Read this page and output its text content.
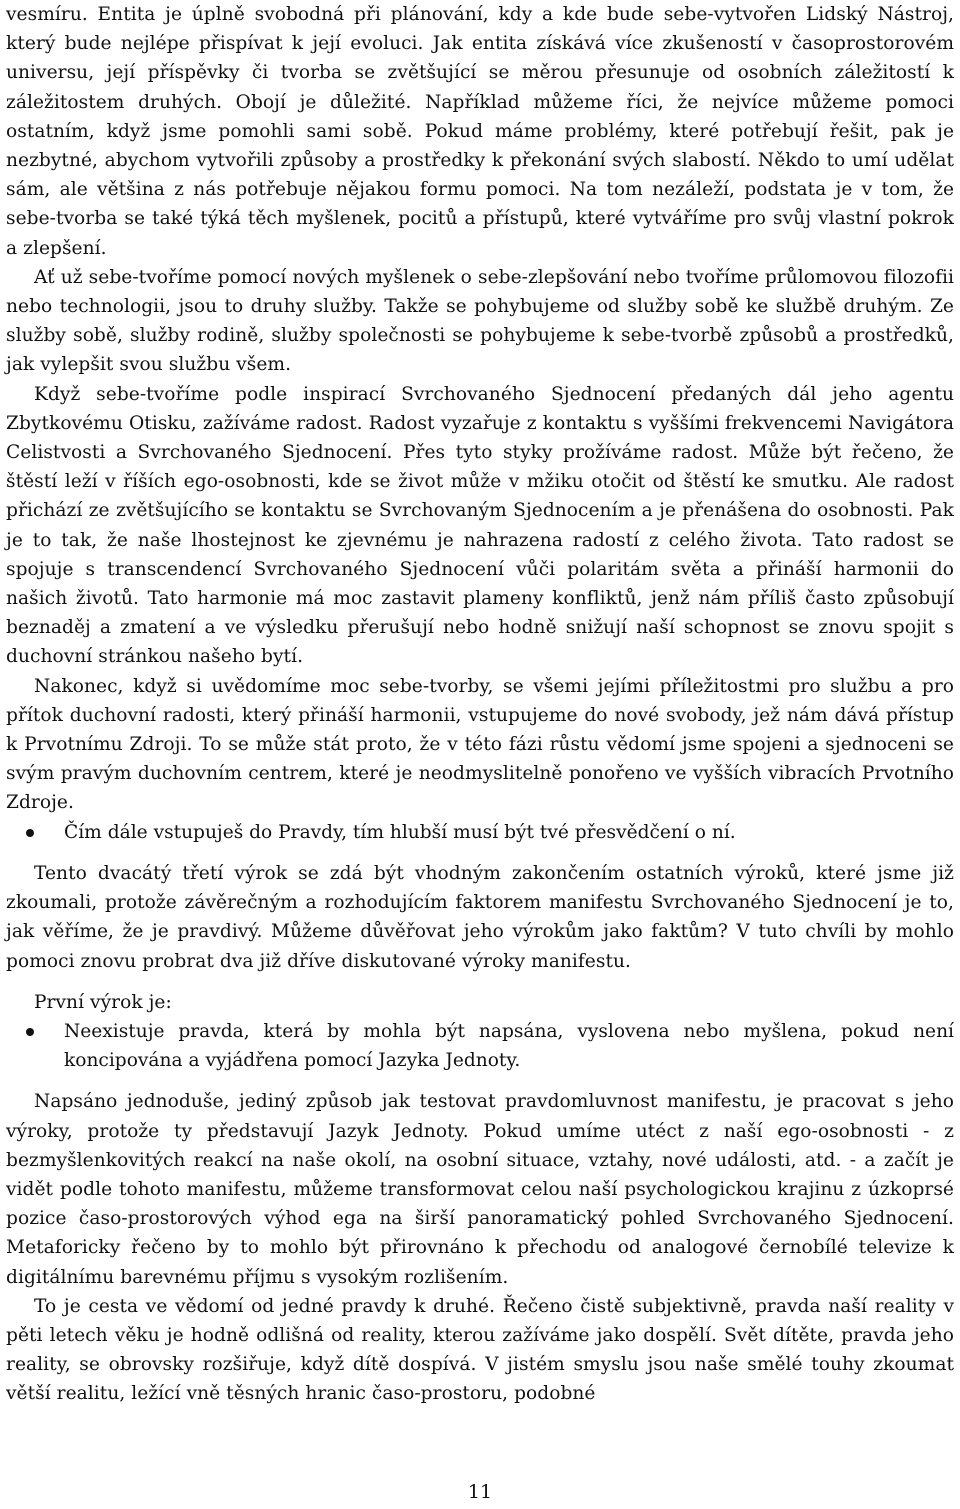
vesmíru. Entita je úplně svobodná při plánování, kdy a kde bude sebe-vytvořen Lidský Nástroj, který bude nejlépe přispívat k její evoluci. Jak entita získává více zkušeností v časoprostorovém universu, její příspěvky či tvorba se zvětšující se měrou přesunuje od osobních záležitostí k záležitostem druhých. Obojí je důležité. Například můžeme říci, že nejvíce můžeme pomoci ostatním, když jsme pomohli sami sobě. Pokud máme problémy, které potřebují řešit, pak je nezbytné, abychom vytvořili způsoby a prostředky k překonání svých slabostí. Někdo to umí udělat sám, ale většina z nás potřebuje nějakou formu pomoci. Na tom nezáleží, podstata je v tom, že sebe-tvorba se také týká těch myšlenek, pocitů a přístupů, které vytváříme pro svůj vlastní pokrok a zlepšení.

Ať už sebe-tvoříme pomocí nových myšlenek o sebe-zlepšování nebo tvoříme průlomovou filozofii nebo technologii, jsou to druhy služby. Takže se pohybujeme od služby sobě ke službě druhým. Ze služby sobě, služby rodině, služby společnosti se pohybujeme k sebe-tvorbě způsobů a prostředků, jak vylepšit svou službu všem.

Když sebe-tvoříme podle inspirací Svrchovaného Sjednocení předaných dál jeho agentu Zbytkovému Otisku, zažíváme radost. Radost vyzařuje z kontaktu s vyššími frekvencemi Navigátora Celistvosti a Svrchovaného Sjednocení. Přes tyto styky prožíváme radost. Může být řečeno, že štěstí leží v říších ego-osobnosti, kde se život může v mžiku otočit od štěstí ke smutku. Ale radost přichází ze zvětšujícího se kontaktu se Svrchovaným Sjednocením a je přenášena do osobnosti. Pak je to tak, že naše lhostejnost ke zjevnému je nahrazena radostí z celého života. Tato radost se spojuje s transcendencí Svrchovaného Sjednocení vůči polaritám světa a přináší harmonii do našich životů. Tato harmonie má moc zastavit plameny konfliktů, jenž nám příliš často způsobují beznaděj a zmatení a ve výsledku přerušují nebo hodně snižují naší schopnost se znovu spojit s duchovní stránkou našeho bytí.

Nakonec, když si uvědomíme moc sebe-tvorby, se všemi jejími příležitostmi pro službu a pro přítok duchovní radosti, který přináší harmonii, vstupujeme do nové svobody, jež nám dává přístup k Prvotnímu Zdroji. To se může stát proto, že v této fázi růstu vědomí jsme spojeni a sjednoceni se svým pravým duchovním centrem, které je neodmyslitelně ponořeno ve vyšších vibracích Prvotního Zdroje.

Čím dále vstupuješ do Pravdy, tím hlubší musí být tvé přesvědčení o ní.

Tento dvacátý třetí výrok se zdá být vhodným zakončením ostatních výroků, které jsme již zkoumali, protože závěrečným a rozhodujícím faktorem manifestu Svrchovaného Sjednocení je to, jak věříme, že je pravdivý. Můžeme důvěřovat jeho výrokům jako faktům? V tuto chvíli by mohlo pomoci znovu probrat dva již dříve diskutované výroky manifestu.

První výrok je:

Neexistuje pravda, která by mohla být napsána, vyslovena nebo myšlena, pokud není koncipována a vyjádřena pomocí Jazyka Jednoty.

Napsáno jednoduše, jediný způsob jak testovat pravdomluvnost manifestu, je pracovat s jeho výroky, protože ty představují Jazyk Jednoty. Pokud umíme utéct z naší ego-osobnosti - z bezmyšlenkovitých reakcí na naše okolí, na osobní situace, vztahy, nové události, atd. - a začít je vidět podle tohoto manifestu, můžeme transformovat celou naší psychologickou krajinu z úzkoprsé pozice časo-prostorových výhod ega na širší panoramatický pohled Svrchovaného Sjednocení. Metaforicky řečeno by to mohlo být přirovnáno k přechodu od analogové černobílé televize k digitálnímu barevnému příjmu s vysokým rozlišením.

To je cesta ve vědomí od jedné pravdy k druhé. Řečeno čistě subjektivně, pravda naší reality v pěti letech věku je hodně odlišná od reality, kterou zažíváme jako dospělí. Svět dítěte, pravda jeho reality, se obrovsky rozšiřuje, když dítě dospívá. V jistém smyslu jsou naše smělé touhy zkoumat větší realitu, ležící vně těsných hranic časo-prostoru, podobné

11
